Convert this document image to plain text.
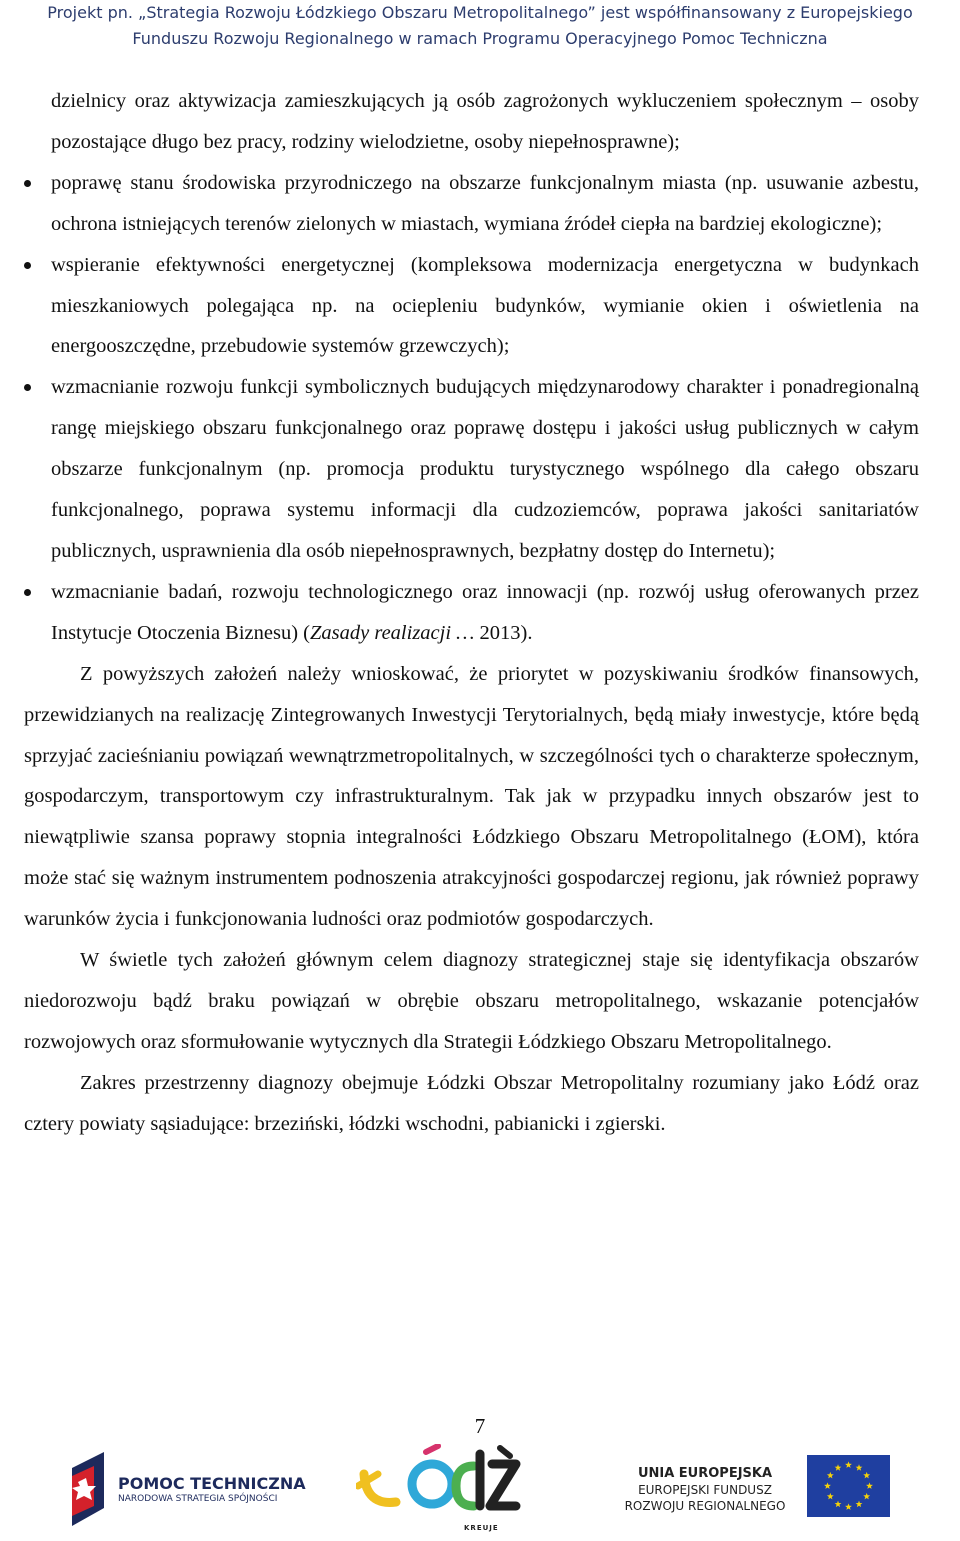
Projekt pn. „Strategia Rozwoju Łódzkiego Obszaru Metropolitalnego” jest współfinansowany z Europejskiego
Funduszu Rozwoju Regionalnego w ramach Programu Operacyjnego Pomoc Techniczna
dzielnicy oraz aktywizacja zamieszkujących ją osób zagrożonych wykluczeniem społecznym – osoby pozostające długo bez pracy, rodziny wielodzietne, osoby niepełnosprawne);
poprawę stanu środowiska przyrodniczego na obszarze funkcjonalnym miasta (np. usuwanie azbestu, ochrona istniejących terenów zielonych w miastach, wymiana źródeł ciepła na bardziej ekologiczne);
wspieranie efektywności energetycznej (kompleksowa modernizacja energetyczna w budynkach mieszkaniowych polegająca np. na ociepleniu budynków, wymianie okien i oświetlenia na energooszczędne, przebudowie systemów grzewczych);
wzmacnianie rozwoju funkcji symbolicznych budujących międzynarodowy charakter i ponadregionalną rangę miejskiego obszaru funkcjonalnego oraz poprawę dostępu i jakości usług publicznych w całym obszarze funkcjonalnym (np. promocja produktu turystycznego wspólnego dla całego obszaru funkcjonalnego, poprawa systemu informacji dla cudzoziemców, poprawa jakości sanitariatów publicznych, usprawnienia dla osób niepełnosprawnych, bezpłatny dostęp do Internetu);
wzmacnianie badań, rozwoju technologicznego oraz innowacji (np. rozwój usług oferowanych przez Instytucje Otoczenia Biznesu) (Zasady realizacji … 2013).
Z powyższych założeń należy wnioskować, że priorytet w pozyskiwaniu środków finansowych, przewidzianych na realizację Zintegrowanych Inwestycji Terytorialnych, będą miały inwestycje, które będą sprzyjać zacieśnianiu powiązań wewnątrzmetropolitalnych, w szczególności tych o charakterze społecznym, gospodarczym, transportowym czy infrastrukturalnym. Tak jak w przypadku innych obszarów jest to niewątpliwie szansa poprawy stopnia integralności Łódzkiego Obszaru Metropolitalnego (ŁOM), która może stać się ważnym instrumentem podnoszenia atrakcyjności gospodarczej regionu, jak również poprawy warunków życia i funkcjonowania ludności oraz podmiotów gospodarczych.
W świetle tych założeń głównym celem diagnozy strategicznej staje się identyfikacja obszarów niedorozwoju bądź braku powiązań w obrębie obszaru metropolitalnego, wskazanie potencjałów rozwojowych oraz sformułowanie wytycznych dla Strategii Łódzkiego Obszaru Metropolitalnego.
Zakres przestrzenny diagnozy obejmuje Łódzki Obszar Metropolitalny rozumiany jako Łódź oraz cztery powiaty sąsiadujące: brzeziński, łódzki wschodni, pabianicki i zgierski.
7
POMOC TECHNICZNA
NARODOWA STRATEGIA SPÓJNOŚCI
KREUJE
UNIA EUROPEJSKA
EUROPEJSKI FUNDUSZ
ROZWOJU REGIONALNEGO
